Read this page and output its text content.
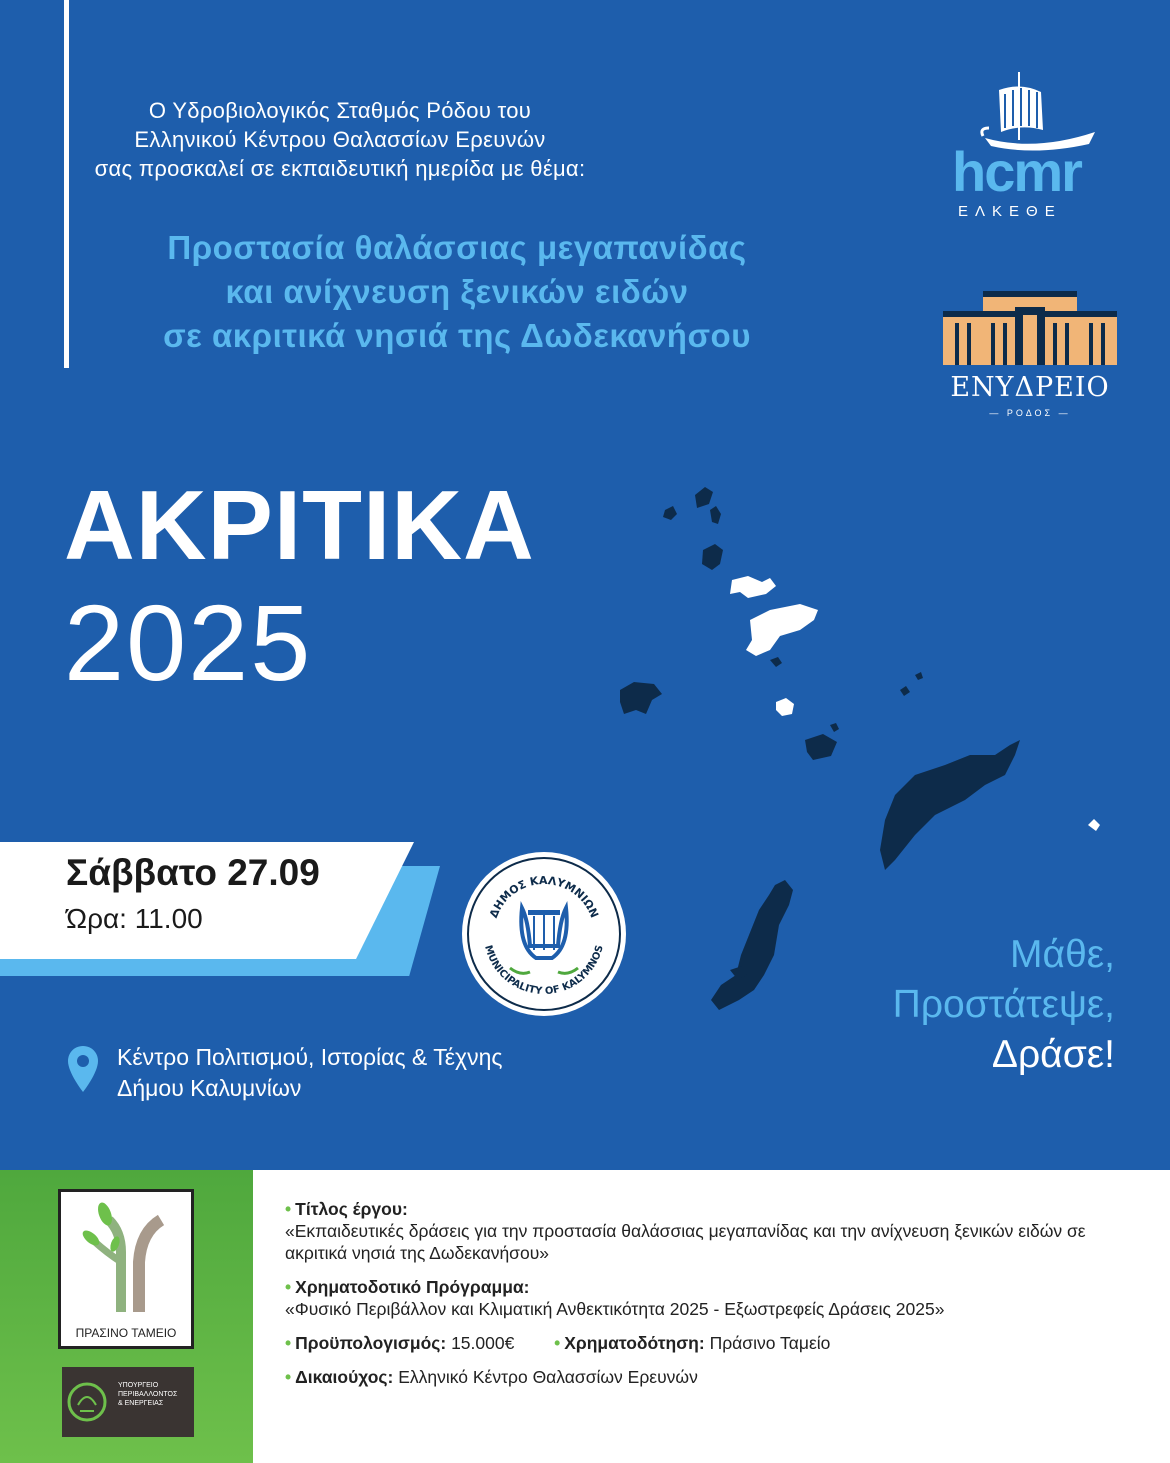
Ο Υδροβιολογικός Σταθμός Ρόδου του
Ελληνικού Κέντρου Θαλασσίων Ερευνών
σας προσκαλεί σε εκπαιδευτική ημερίδα με θέμα:
Προστασία θαλάσσιας μεγαπανίδας
και ανίχνευση ξενικών ειδών
σε ακριτικά νησιά της Δωδεκανήσου
hcmr
ΕΛΚΕΘΕ
ΕΝΥΔΡΕΙΟ
— ΡΟΔΟΣ —
ΑΚΡΙΤΙΚΑ
2025
Σάββατο 27.09
Ώρα: 11.00	ΔΗΜΟΣ ΚΑΛΥΜΝΙΩΝ
MUNICIPALITY OF KALYMNOS	Μάθε,
Προστάτεψε,
Δράσε!
Κέντρο Πολιτισμού, Ιστορίας & Τέχνης
Δήμου Καλυμνίων
ΠΡΑΣΙΝΟ ΤΑΜΕΙΟ
ΥΠΟΥΡΓΕΙΟ
ΠΕΡΙΒΑΛΛΟΝΤΟΣ
& ΕΝΕΡΓΕΙΑΣ
• Τίτλος έργου:
«Εκπαιδευτικές δράσεις για την προστασία θαλάσσιας μεγαπανίδας και την ανίχνευση ξενικών ειδών σε ακριτικά νησιά της Δωδεκανήσου»
• Χρηματοδοτικό Πρόγραμμα:
«Φυσικό Περιβάλλον και Κλιματική Ανθεκτικότητα 2025 - Εξωστρεφείς Δράσεις 2025»
• Προϋπολογισμός: 15.000€ • Χρηματοδότηση: Πράσινο Ταμείο
• Δικαιούχος: Ελληνικό Κέντρο Θαλασσίων Ερευνών
